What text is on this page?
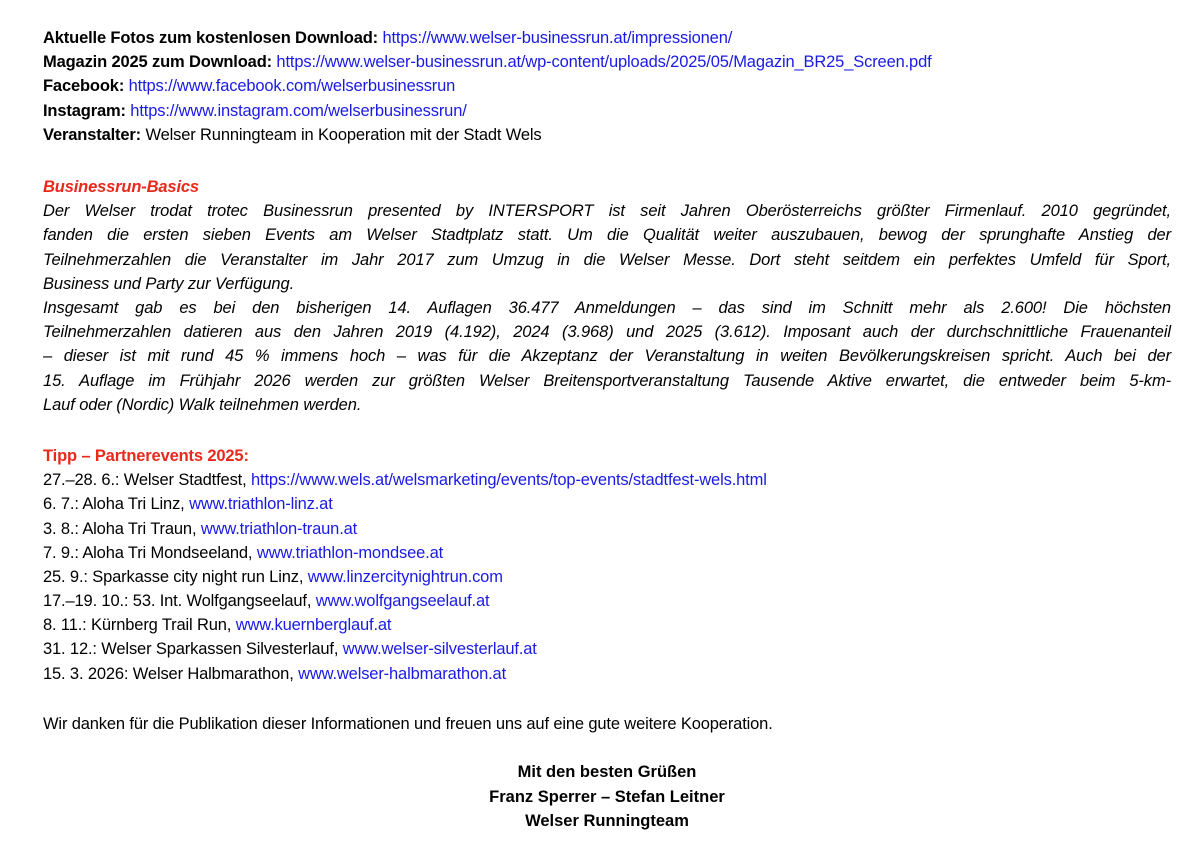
Aktuelle Fotos zum kostenlosen Download: https://www.welser-businessrun.at/impressionen/
Magazin 2025 zum Download: https://www.welser-businessrun.at/wp-content/uploads/2025/05/Magazin_BR25_Screen.pdf
Facebook: https://www.facebook.com/welserbusinessrun
Instagram: https://www.instagram.com/welserbusinessrun/
Veranstalter: Welser Runningteam in Kooperation mit der Stadt Wels
Businessrun-Basics
Der Welser trodat trotec Businessrun presented by INTERSPORT ist seit Jahren Oberösterreichs größter Firmenlauf. 2010 gegründet,
fanden die ersten sieben Events am Welser Stadtplatz statt. Um die Qualität weiter auszubauen, bewog der sprunghafte Anstieg der
Teilnehmerzahlen die Veranstalter im Jahr 2017 zum Umzug in die Welser Messe. Dort steht seitdem ein perfektes Umfeld für Sport,
Business und Party zur Verfügung.
Insgesamt gab es bei den bisherigen 14. Auflagen 36.477 Anmeldungen – das sind im Schnitt mehr als 2.600! Die höchsten
Teilnehmerzahlen datieren aus den Jahren 2019 (4.192), 2024 (3.968) und 2025 (3.612). Imposant auch der durchschnittliche Frauenanteil
– dieser ist mit rund 45 % immens hoch – was für die Akzeptanz der Veranstaltung in weiten Bevölkerungskreisen spricht. Auch bei der
15. Auflage im Frühjahr 2026 werden zur größten Welser Breitensportveranstaltung Tausende Aktive erwartet, die entweder beim 5-km-
Lauf oder (Nordic) Walk teilnehmen werden.
Tipp – Partnerevents 2025:
27.–28. 6.: Welser Stadtfest, https://www.wels.at/welsmarketing/events/top-events/stadtfest-wels.html
6. 7.: Aloha Tri Linz, www.triathlon-linz.at
3. 8.: Aloha Tri Traun, www.triathlon-traun.at
7. 9.: Aloha Tri Mondseeland, www.triathlon-mondsee.at
25. 9.: Sparkasse city night run Linz, www.linzercitynightrun.com
17.–19. 10.: 53. Int. Wolfgangseelauf, www.wolfgangseelauf.at
8. 11.: Kürnberg Trail Run, www.kuernberglauf.at
31. 12.: Welser Sparkassen Silvesterlauf, www.welser-silvesterlauf.at
15. 3. 2026: Welser Halbmarathon, www.welser-halbmarathon.at
Wir danken für die Publikation dieser Informationen und freuen uns auf eine gute weitere Kooperation.
Mit den besten Grüßen
Franz Sperrer – Stefan Leitner
Welser Runningteam
